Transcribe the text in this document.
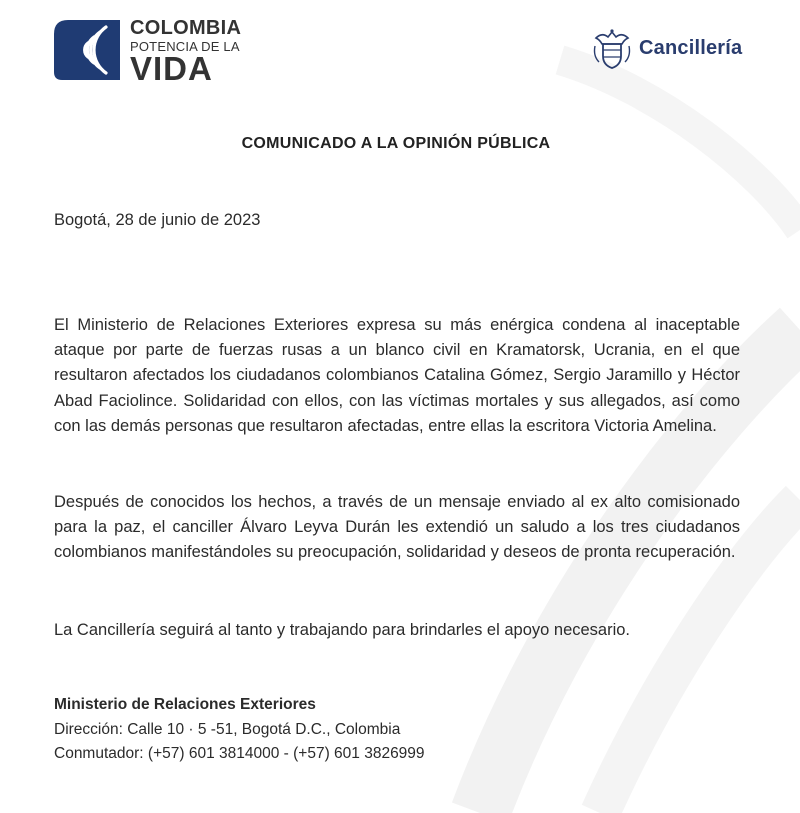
COLOMBIA
POTENCIA DE LA
VIDA
Cancillería
COMUNICADO A LA OPINIÓN PÚBLICA
Bogotá, 28 de junio de 2023
El Ministerio de Relaciones Exteriores expresa su más enérgica condena al inaceptable ataque por parte de fuerzas rusas a un blanco civil en Kramatorsk, Ucrania, en el que resultaron afectados los ciudadanos colombianos Catalina Gómez, Sergio Jaramillo y Héctor Abad Faciolince. Solidaridad con ellos, con las víctimas mortales y sus allegados, así como con las demás personas que resultaron afectadas, entre ellas la escritora Victoria Amelina.
Después de conocidos los hechos, a través de un mensaje enviado al ex alto comisionado para la paz, el canciller Álvaro Leyva Durán les extendió un saludo a los tres ciudadanos colombianos manifestándoles su preocupación, solidaridad y deseos de pronta recuperación.
La Cancillería seguirá al tanto y trabajando para brindarles el apoyo necesario.
Ministerio de Relaciones Exteriores
Dirección: Calle 10 · 5 -51, Bogotá D.C., Colombia
Conmutador: (+57) 601 3814000 - (+57) 601 3826999
